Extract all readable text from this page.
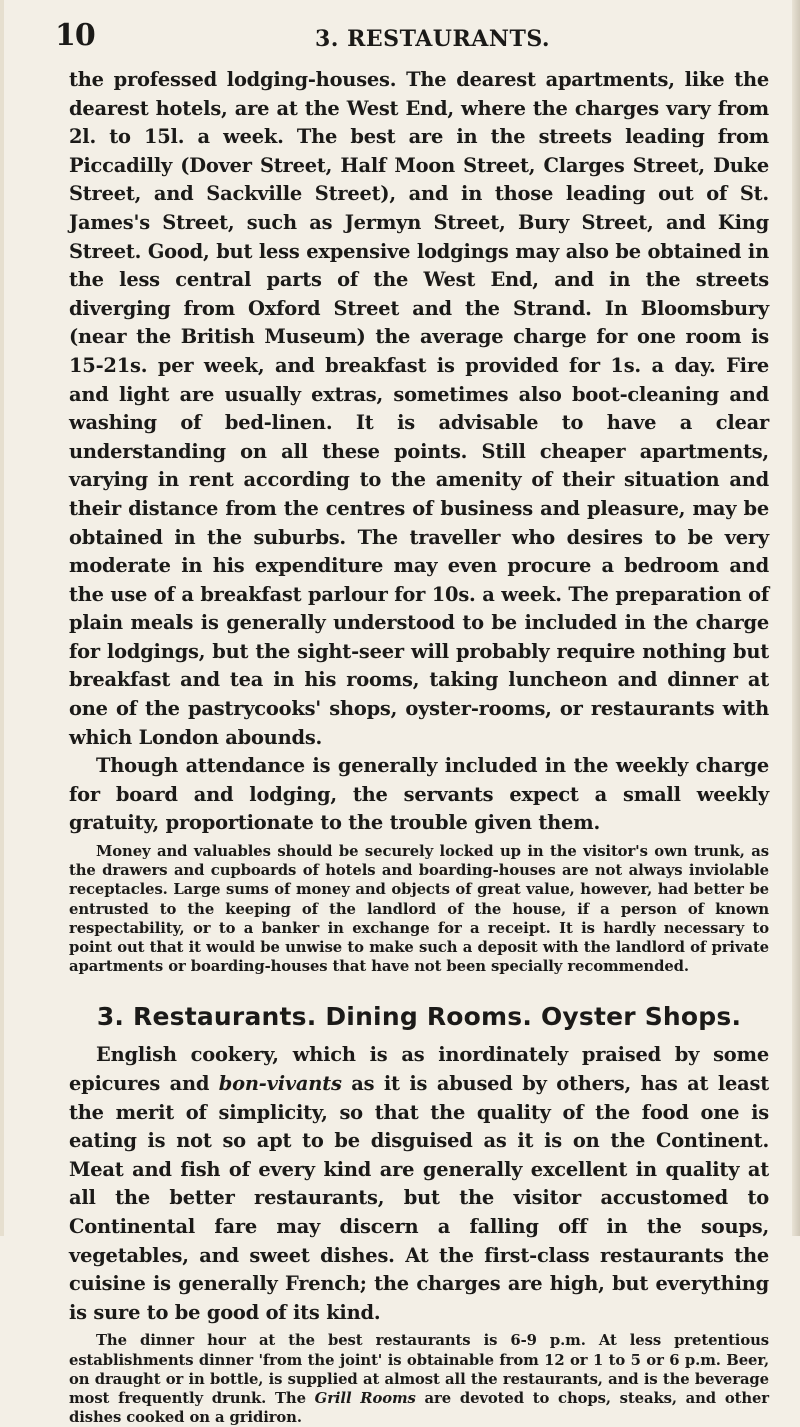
10	3. RESTAURANTS.

the professed lodging-houses. The dearest apartments, like the dearest hotels, are at the West End, where the charges vary from 2l. to 15l. a week. The best are in the streets leading from Piccadilly (Dover Street, Half Moon Street, Clarges Street, Duke Street, and Sackville Street), and in those leading out of St. James's Street, such as Jermyn Street, Bury Street, and King Street. Good, but less expensive lodgings may also be obtained in the less central parts of the West End, and in the streets diverging from Oxford Street and the Strand. In Bloomsbury (near the British Museum) the average charge for one room is 15-21s. per week, and breakfast is provided for 1s. a day. Fire and light are usually extras, sometimes also boot-cleaning and washing of bed-linen. It is advisable to have a clear understanding on all these points. Still cheaper apartments, varying in rent according to the amenity of their situation and their distance from the centres of business and pleasure, may be obtained in the suburbs. The traveller who desires to be very moderate in his expenditure may even procure a bedroom and the use of a breakfast parlour for 10s. a week. The preparation of plain meals is generally understood to be included in the charge for lodgings, but the sight-seer will probably require nothing but breakfast and tea in his rooms, taking luncheon and dinner at one of the pastrycooks' shops, oyster-rooms, or restaurants with which London abounds.

Though attendance is generally included in the weekly charge for board and lodging, the servants expect a small weekly gratuity, proportionate to the trouble given them.

Money and valuables should be securely locked up in the visitor's own trunk, as the drawers and cupboards of hotels and boarding-houses are not always inviolable receptacles. Large sums of money and objects of great value, however, had better be entrusted to the keeping of the landlord of the house, if a person of known respectability, or to a banker in exchange for a receipt. It is hardly necessary to point out that it would be unwise to make such a deposit with the landlord of private apartments or boarding-houses that have not been specially recommended.

3. Restaurants. Dining Rooms. Oyster Shops.

English cookery, which is as inordinately praised by some epicures and bon-vivants as it is abused by others, has at least the merit of simplicity, so that the quality of the food one is eating is not so apt to be disguised as it is on the Continent. Meat and fish of every kind are generally excellent in quality at all the better restaurants, but the visitor accustomed to Continental fare may discern a falling off in the soups, vegetables, and sweet dishes. At the first-class restaurants the cuisine is generally French; the charges are high, but everything is sure to be good of its kind.

The dinner hour at the best restaurants is 6-9 p.m. At less pretentious establishments dinner 'from the joint' is obtainable from 12 or 1 to 5 or 6 p.m. Beer, on draught or in bottle, is supplied at almost all the restaurants, and is the beverage most frequently drunk. The Grill Rooms are devoted to chops, steaks, and other dishes cooked on a gridiron.
